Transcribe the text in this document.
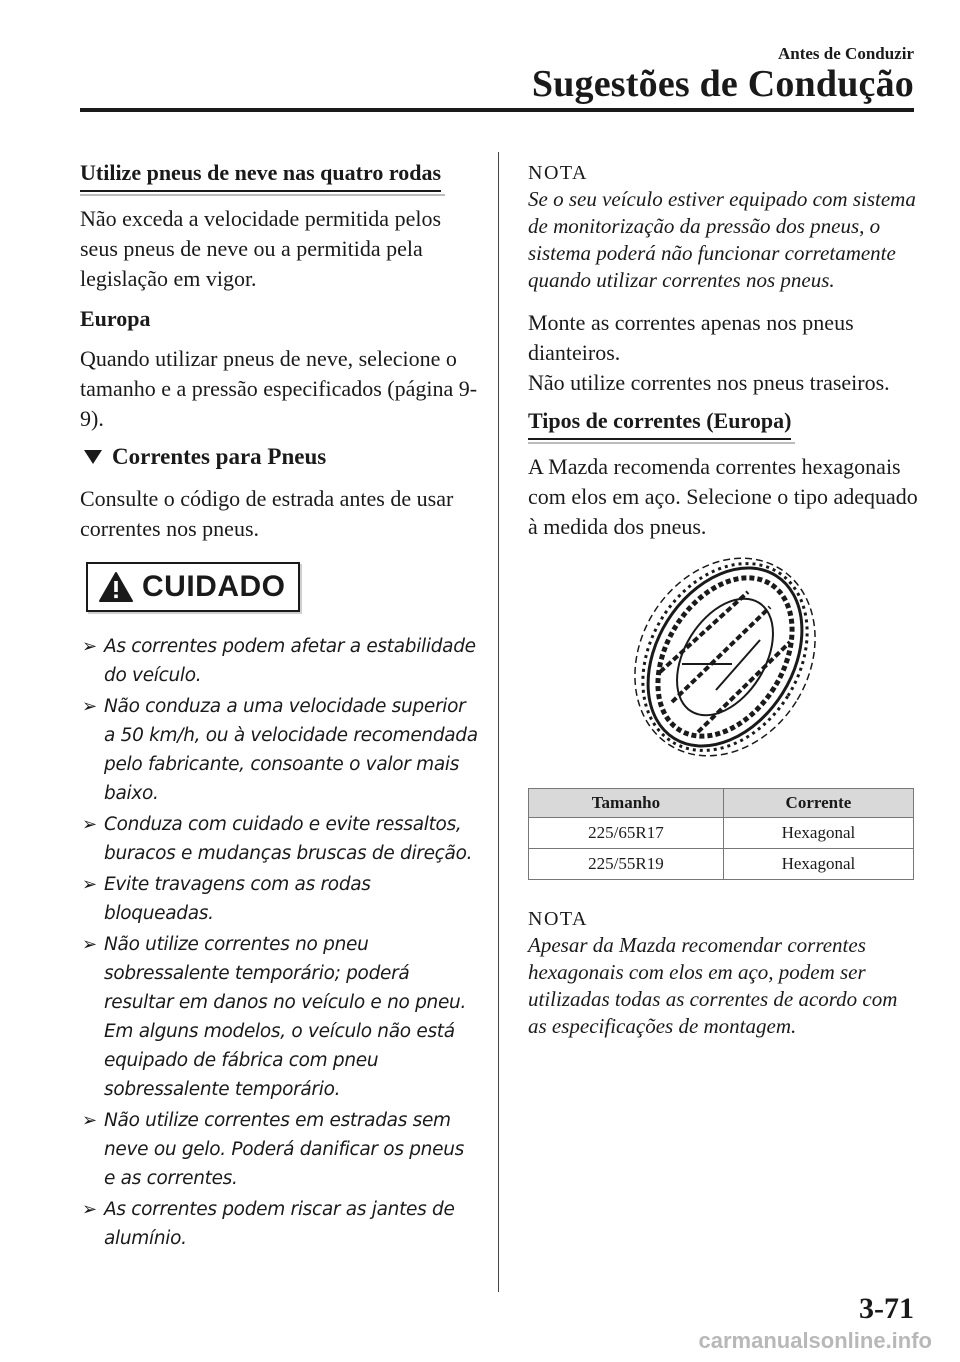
Antes de Conduzir
Sugestões de Condução
Utilize pneus de neve nas quatro rodas

Não exceda a velocidade permitida pelos seus pneus de neve ou a permitida pela legislação em vigor.

Europa

Quando utilizar pneus de neve, selecione o tamanho e a pressão especificados (página 9-9).

Correntes para Pneus

Consulte o código de estrada antes de usar correntes nos pneus.

CUIDADO
➢ As correntes podem afetar a estabilidade do veículo.
➢ Não conduza a uma velocidade superior a 50 km/h, ou à velocidade recomendada pelo fabricante, consoante o valor mais baixo.
➢ Conduza com cuidado e evite ressaltos, buracos e mudanças bruscas de direção.
➢ Evite travagens com as rodas bloqueadas.
➢ Não utilize correntes no pneu sobressalente temporário; poderá resultar em danos no veículo e no pneu. Em alguns modelos, o veículo não está equipado de fábrica com pneu sobressalente temporário.
➢ Não utilize correntes em estradas sem neve ou gelo. Poderá danificar os pneus e as correntes.
➢ As correntes podem riscar as jantes de alumínio.

NOTA

Se o seu veículo estiver equipado com sistema de monitorização da pressão dos pneus, o sistema poderá não funcionar corretamente quando utilizar correntes nos pneus.

Monte as correntes apenas nos pneus dianteiros.

Não utilize correntes nos pneus traseiros.

Tipos de correntes (Europa)

A Mazda recomenda correntes hexagonais com elos em aço. Selecione o tipo adequado à medida dos pneus.

Tamanho	Corrente
225/65R17	Hexagonal
225/55R19	Hexagonal

NOTA

Apesar da Mazda recomendar correntes hexagonais com elos em aço, podem ser utilizadas todas as correntes de acordo com as especificações de montagem.

3-71
carmanualsonline.info
